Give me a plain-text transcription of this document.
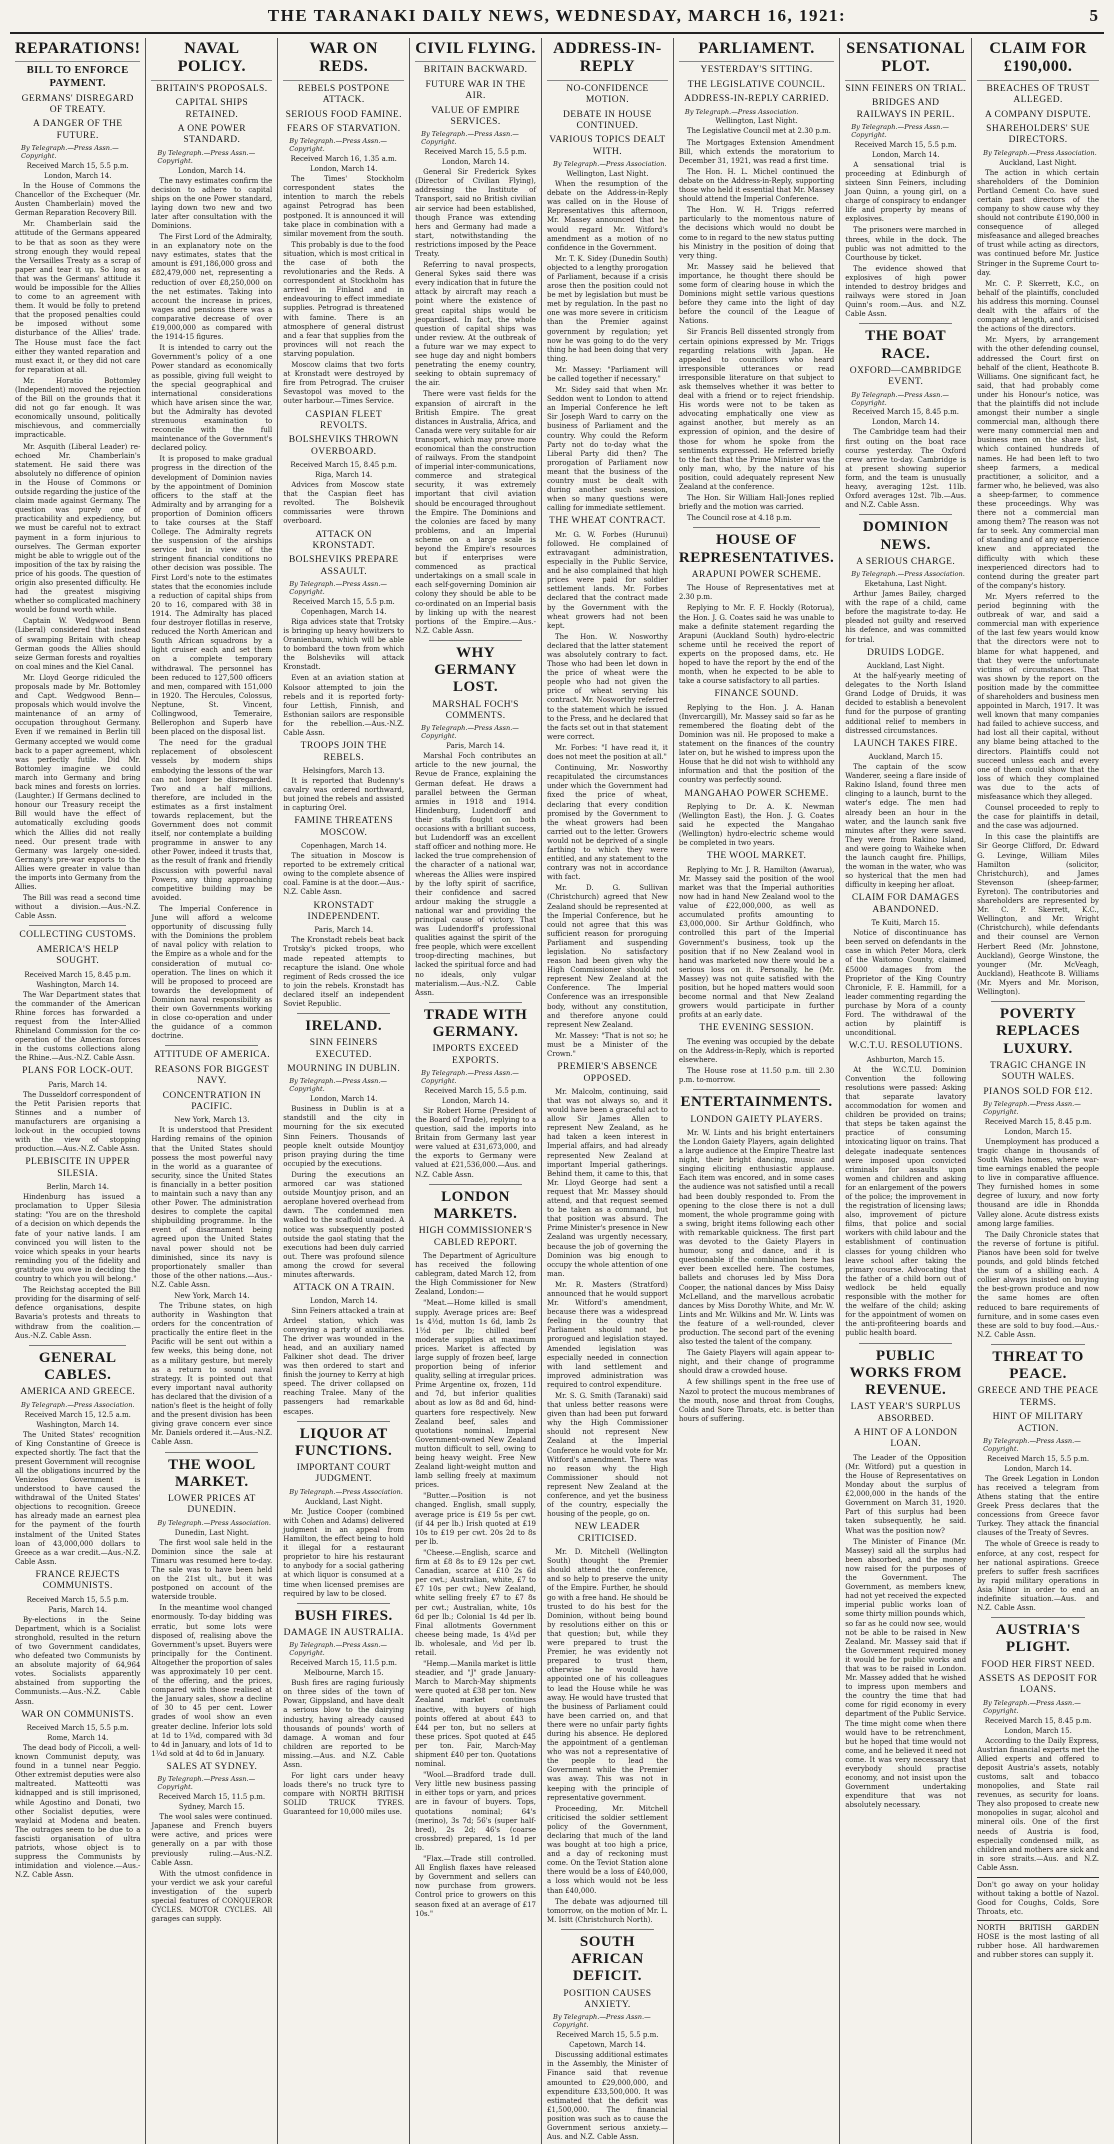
THE TARANAKI DAILY NEWS, WEDNESDAY, MARCH 16, 1921:	5
REPARATIONS!
BILL TO ENFORCE PAYMENT.
GERMANS' DISREGARD OF TREATY.
A DANGER OF THE FUTURE.
By Telegraph.—Press Assn.—Copyright.
Received March 15, 5.5 p.m.
London, March 14.

In the House of Commons the Chancellor of the Exchequer (Mr. Austen Chamberlain) moved the German Reparation Recovery Bill.

Mr. Chamberlain said the attitude of the Germans appeared to be that as soon as they were strong enough they would repeal the Versailles Treaty as a scrap of paper and tear it up. So long as that was the Germans' attitude it would be impossible for the Allies to come to an agreement with them. It would be folly to pretend that the proposed penalties could be imposed without some disturbance of the Allies' trade. The House must face the fact either they wanted reparation and must exact it, or they did not care for reparation at all.

Mr. Horatio Bottomley (Independent) moved the rejection of the Bill on the grounds that it did not go far enough. It was economically unsound, politically mischievous, and commercially impracticable.

Mr. Asquith (Liberal Leader) re-echoed Mr. Chamberlain's statement. He said there was absolutely no difference of opinion in the House of Commons or outside regarding the justice of the claim made against Germany. The question was purely one of practicability and expediency, but we must be careful not to extract payment in a form injurious to ourselves. The German exporter might be able to wriggle out of the imposition of the tax by raising the price of his goods. The question of origin also presented difficulty. He had the greatest misgiving whether so complicated machinery would be found worth while.

Captain W. Wedgwood Benn (Liberal) considered that instead of swamping Britain with cheap German goods the Allies should seize German forests and royalties on coal mines and the Kiel Canal.

Mr. Lloyd George ridiculed the proposals made by Mr. Bottomley and Capt. Wedgwood Benn—proposals which would involve the maintenance of an army of occupation throughout Germany. Even if we remained in Berlin till Germany accepted we would come back to a paper agreement, which was perfectly futile. Did Mr. Bottomley imagine we could march into Germany and bring back mines and forests on lorries. (Laughter.) If Germans declined to honour our Treasury receipt the Bill would have the effect of automatically excluding goods which the Allies did not really need. Our present trade with Germany was largely one-sided. Germany's pre-war exports to the Allies were greater in value than the imports into Germany from the Allies.

The Bill was read a second time without a division.—Aus.-N.Z. Cable Assn.

COLLECTING CUSTOMS.
AMERICA'S HELP SOUGHT.
Received March 15, 8.45 p.m.
Washington, March 14.

The War Department states that the commander of the American Rhine forces has forwarded a request from the Inter-Allied Rhineland Commission for the co-operation of the American forces in the customs collections along the Rhine.—Aus.-N.Z. Cable Assn.

PLANS FOR LOCK-OUT.
Paris, March 14.

The Dusseldorf correspondent of the Petit Parisien reports that Stinnes and a number of manufacturers are organising a lock-out in the occupied towns with the view of stopping production.—Aus.-N.Z. Cable Assn.

PLEBISCITE IN UPPER SILESIA.
Berlin, March 14.

Hindenburg has issued a proclamation to Upper Silesia stating: "You are on the threshold of a decision on which depends the fate of your native lands. I am convinced you will listen to the voice which speaks in your hearts reminding you of the fidelity and gratitude you owe in deciding the country to which you will belong."

The Reichstag accepted the Bill providing for the disarming of self-defence organisations, despite Bavaria's protests and threats to withdraw from the coalition.—Aus.-N.Z. Cable Assn.

GENERAL CABLES.
AMERICA AND GREECE.
By Telegraph.—Press Association.
Received March 15, 12.5 a.m.
Washington, March 14.

The United States' recognition of King Constantine of Greece is expected shortly. The fact that the present Government will recognise all the obligations incurred by the Venizelos Government is understood to have caused the withdrawal of the United States' objections to recognition. Greece has already made an earnest plea for the payment of the fourth instalment of the United States loan of 43,000,000 dollars to Greece as a war credit.—Aus.-N.Z. Cable Assn.

FRANCE REJECTS COMMUNISTS.
Received March 15, 5.5 p.m.
Paris, March 14.

By-elections in the Seine Department, which is a Socialist stronghold, resulted in the return of two Government candidates, who defeated two Communists by an absolute majority of 64,964 votes. Socialists apparently abstained from supporting the Communists.—Aus.-N.Z. Cable Assn.

WAR ON COMMUNISTS.
Received March 15, 5.5 p.m.
Rome, March 14.

The dead body of Piccoli, a well-known Communist deputy, was found in a tunnel near Peggio. Other extremist deputies were also maltreated. Matteotti was kidnapped and is still imprisoned, while Agostino and Donati, two other Socialist deputies, were waylaid at Modena and beaten. The outrages seem to be due to a fascisti organisation of ultra patriots, whose object is to suppress the Communists by intimidation and violence.—Aus.-N.Z. Cable Assn.

NAVAL POLICY.
BRITAIN'S PROPOSALS.
CAPITAL SHIPS RETAINED.
A ONE POWER STANDARD.
By Telegraph.—Press Assn.—Copyright.
London, March 14.

The navy estimates confirm the decision to adhere to capital ships on the one Power standard, laying down two new and two later after consultation with the Dominions.

The First Lord of the Admiralty, in an explanatory note on the navy estimates, states that the amount is £91,186,000 gross and £82,479,000 net, representing a reduction of over £8,250,000 on the net estimates. Taking into account the increase in prices, wages and pensions there was a comparative decrease of over £19,000,000 as compared with the 1914-15 figures.

It is intended to carry out the Government's policy of a one Power standard as economically as possible, giving full weight to the special geographical and international considerations which have arisen since the war, but the Admiralty has devoted strenuous examination to reconcile with the full maintenance of the Government's declared policy.

It is proposed to make gradual progress in the direction of the development of Dominion navies by the appointment of Dominion officers to the staff at the Admiralty and by arranging for a proportion of Dominion officers to take courses at the Staff College. The Admiralty regrets the suspension of the airships service but in view of the stringent financial conditions no other decision was possible. The First Lord's note to the estimates states that the economies include a reduction of capital ships from 20 to 16, compared with 38 in 1914. The Admiralty has placed four destroyer flotillas in reserve, reduced the North American and South African squadrons by a light cruiser each and set them on a complete temporary withdrawal. The personnel has been reduced to 127,500 officers and men, compared with 151,000 in 1920. The Hercules, Colossus, Neptune, St. Vincent, Collingwood, Temeraire, Bellerophon and Superb have been placed on the disposal list.

The need for the gradual replacement of obsolescent vessels by modern ships embodying the lessons of the war can not longer be disregarded. Two and a half millions, therefore, are included in the estimates as a first instalment towards replacement, but the Government does not commit itself, nor contemplate a building programme in answer to any other Power, indeed it trusts that, as the result of frank and friendly discussion with powerful naval Powers, any thing approaching competitive building may be avoided.

The Imperial Conference in June will afford a welcome opportunity of discussing fully with the Dominions the problem of naval policy with relation to the Empire as a whole and for the consideration of mutual co-operation. The lines on which it will be proposed to proceed are towards the development of Dominion naval responsibility as their own Governments working in close co-operation and under the guidance of a common doctrine.

ATTITUDE OF AMERICA.
REASONS FOR BIGGEST NAVY.
CONCENTRATION IN PACIFIC.
New York, March 13.

It is understood that President Harding remains of the opinion that the United States should possess the most powerful navy in the world as a guarantee of security, since the United States is financially in a better position to maintain such a navy than any other Power. The administration desires to complete the capital shipbuilding programme. In the event of disarmament being agreed upon the United States naval power should not be diminished, since its navy is proportionately smaller than those of the other nations.—Aus.-N.Z. Cable Assn.

New York, March 14.

The Tribune states, on high authority in Washington that orders for the concentration of practically the entire fleet in the Pacific will be sent out within a few weeks, this being done, not as a military gesture, but merely as a return to sound naval strategy. It is pointed out that every important naval authority has declared that the division of a nation's fleet is the height of folly and the present division has been giving grave concern ever since Mr. Daniels ordered it.—Aus.-N.Z. Cable Assn.

THE WOOL MARKET.
LOWER PRICES AT DUNEDIN.
By Telegraph.—Press Association.
Dunedin, Last Night.

The first wool sale held in the Dominion since the sale at Timaru was resumed here to-day. The sale was to have been held on the 21st ult., but it was postponed on account of the waterside trouble.

In the meantime wool changed enormously. To-day bidding was erratic, but some lots were disposed of, realising above the Government's upset. Buyers were principally for the Continent. Altogether the proportion of sales was approximately 10 per cent. of the offering, and the prices, compared with those realised at the January sales, show a decline of 30 to 45 per cent. Lower grades of wool show an even greater decline. Inferior lots sold at 1d to 1¾d, compared with 3d to 4d in January, and lots of 1d to 1¼d sold at 4d to 6d in January.

SALES AT SYDNEY.
By Telegraph.—Press Assn.—Copyright.
Received March 15, 11.5 p.m.
Sydney, March 15.

The wool sales were continued. Japanese and French buyers were active, and prices were generally on a par with those previously ruling.—Aus.-N.Z. Cable Assn.

With the utmost confidence in your verdict we ask your careful investigation of the superb special features of CONQUEROR CYCLES. MOTOR CYCLES. All garages can supply.

WAR ON REDS.
REBELS POSTPONE ATTACK.
SERIOUS FOOD FAMINE.
FEARS OF STARVATION.
By Telegraph.—Press Assn.—Copyright.
Received March 16, 1.35 a.m.
London, March 14.

The Times' Stockholm correspondent states the intention to march the rebels against Petrograd has been postponed. It is announced it will take place in combination with a similar movement from the south.

This probably is due to the food situation, which is most critical in the case of both the revolutionaries and the Reds. A correspondent at Stockholm has arrived in Finland and in endeavouring to effect immediate supplies. Petrograd is threatened with famine. There is an atmosphere of general distrust and a fear that supplies from the provinces will not reach the starving population.

Moscow claims that two forts at Kronstadt were destroyed by fire from Petrograd. The cruiser Sevastopol was moved to the outer harbour.—Times Service.

CASPIAN FLEET REVOLTS.
BOLSHEVIKS THROWN OVERBOARD.
Received March 15, 8.45 p.m.
Riga, March 14.

Advices from Moscow state that the Caspian fleet has revolted. The Bolshevik commissaries were thrown overboard.

ATTACK ON KRONSTADT.
BOLSHEVIKS PREPARE ASSAULT.
By Telegraph.—Press Assn.—Copyright.
Received March 15, 5.5 p.m.
Copenhagen, March 14.

Riga advices state that Trotsky is bringing up heavy howitzers to Oranienbaum, which will be able to bombard the town from which the Bolsheviks will attack Kronstadt.

Even at an aviation station at Kolsoor attempted to join the rebels and it is reported forty-four Lettish, Finnish, and Esthonian sailors are responsible for the rebellion.—Aus.-N.Z. Cable Assn.

TROOPS JOIN THE REBELS.
Helsingfors, March 13.

It is reported that Budenny's cavalry was ordered northward, but joined the rebels and assisted in capturing Orel.

FAMINE THREATENS MOSCOW.
Copenhagen, March 14.

The situation in Moscow is reported to be extremely critical owing to the complete absence of coal. Famine is at the door.—Aus.-N.Z. Cable Assn.

KRONSTADT INDEPENDENT.
Paris, March 14.

The Kronstadt rebels beat back Trotsky's picked troops, who made repeated attempts to recapture the island. One whole regiment of Reds crossed the ice to join the rebels. Kronstadt has declared itself an independent Soviet Republic.

IRELAND.
SINN FEINERS EXECUTED.
MOURNING IN DUBLIN.
By Telegraph.—Press Assn.—Copyright.
London, March 14.

Business in Dublin is at a standstill and the city in mourning for the six executed Sinn Feiners. Thousands of people knelt outside Mountjoy prison praying during the time occupied by the executions.

During the executions an armored car was stationed outside Mountjoy prison, and an aeroplane hovered overhead from dawn. The condemned men walked to the scaffold unaided. A notice was subsequently posted outside the gaol stating that the executions had been duly carried out. There was profound silence among the crowd for several minutes afterwards.

ATTACK ON A TRAIN.
London, March 14.

Sinn Feiners attacked a train at Ardeel station, which was conveying a party of auxiliaries. The driver was wounded in the head, and an auxiliary named Falkiner shot dead. The driver was then ordered to start and finish the journey to Kerry at high speed. The driver collapsed on reaching Tralee. Many of the passengers had remarkable escapes.

LIQUOR AT FUNCTIONS.
IMPORTANT COURT JUDGMENT.
By Telegraph.—Press Association.
Auckland, Last Night.

Mr. Justice Cooper (combined with Cohen and Adams) delivered judgment in an appeal from Hamilton, the effect being to hold it illegal for a restaurant proprietor to hire his restaurant to anybody for a social gathering at which liquor is consumed at a time when licensed premises are required by law to be closed.

BUSH FIRES.
DAMAGE IN AUSTRALIA.
By Telegraph.—Press Assn.—Copyright.
Received March 15, 11.5 p.m.
Melbourne, March 15.

Bush fires are raging furiously on three sides of the town of Powar, Gippsland, and have dealt a serious blow to the dairying industry, having already caused thousands of pounds' worth of damage. A woman and four children are reported to be missing.—Aus. and N.Z. Cable Assn.

For light cars under heavy loads there's no truck tyre to compare with NORTH BRITISH SOLID TRUCK TYRES. Guaranteed for 10,000 miles use.

CIVIL FLYING.
BRITAIN BACKWARD.
FUTURE WAR IN THE AIR.
VALUE OF EMPIRE SERVICES.
By Telegraph.—Press Assn.—Copyright.
Received March 15, 5.5 p.m.
London, March 14.

General Sir Frederick Sykes (Director of Civilian Flying), addressing the Institute of Transport, said no British civilian air service had been established, though France was extending hers and Germany had made a start, notwithstanding the restrictions imposed by the Peace Treaty.

Referring to naval prospects, General Sykes said there was every indication that in future the attack by aircraft may reach a point where the existence of great capital ships would be jeopardised. In fact, the whole question of capital ships was under review. At the outbreak of a future war we may expect to see huge day and night bombers penetrating the enemy country, seeking to obtain supremacy of the air.

There were vast fields for the expansion of aircraft in the British Empire. The great distances in Australia, Africa, and Canada were very suitable for air transport, which may prove more economical than the construction of railways. From the standpoint of imperial inter-communications, commerce and strategical security, it was extremely important that civil aviation should be encouraged throughout the Empire. The Dominions and the colonies are faced by many problems, and an Imperial scheme on a large scale is beyond the Empire's resources but if enterprises were commenced as practical undertakings on a small scale in each self-governing Dominion air colony they should be able to be co-ordinated on an Imperial basis by linking up with the nearest portions of the Empire.—Aus.-N.Z. Cable Assn.

WHY GERMANY LOST.
MARSHAL FOCH'S COMMENTS.
By Telegraph.—Press Assn.—Copyright.
Paris, March 14.

Marshal Foch contributes an article to the new journal, the Revue de France, explaining the German defeat. He draws a parallel between the German armies in 1918 and 1914. Hindenburg, Ludendorff and their staffs fought on both occasions with a brilliant success, but Ludendorff was an excellent staff officer and nothing more. He lacked the true comprehension of the character of a national war, whereas the Allies were inspired by the lofty spirit of sacrifice, their confidence and sacred ardour making the struggle a national war and providing the principal cause of victory. That was Ludendorff's professional qualities against the spirit of the free people, which were excellent troop-directing machines, but lacked the spiritual force and had no ideals, only vulgar materialism.—Aus.-N.Z. Cable Assn.

TRADE WITH GERMANY.
IMPORTS EXCEED EXPORTS.
By Telegraph.—Press Assn.—Copyright.
Received March 15, 5.5 p.m.
London, March 14.

Sir Robert Horne (President of the Board of Trade), replying to a question, said the imports into Britain from Germany last year were valued at £31,673,000, and the exports to Germany were valued at £21,536,000.—Aus. and N.Z. Cable Assn.

LONDON MARKETS.
HIGH COMMISSIONER'S CABLED REPORT.

The Department of Agriculture has received the following cablegram, dated March 12, from the High Commissioner for New Zealand, London:—

"Meat.—Home killed is small supply. Average prices are: Beef 1s 4½d, mutton 1s 6d, lamb 2s 1½d per lb; chilled beef moderate supplies at maximum prices. Market is affected by large supply of frozen beef, large proportion being of inferior quality, selling at irregular prices. Prime Argentine ox, frozen, 11d and 7d, but inferior qualities about as low as 8d and 6d, hind-quarters fore respectively. New Zealand beef, sales and quotations nominal. Imperial Government-owned New Zealand mutton difficult to sell, owing to being heavy weight. Free New Zealand light-weight mutton and lamb selling freely at maximum prices.

"Butter.—Position is not changed. English, small supply, average price is £19 5s per cwt. (if 44 per lb.) Irish quoted at £19 10s to £19 per cwt. 20s 2d to 8s per lb.

"Cheese.—English, scarce and firm at £8 8s to £9 12s per cwt. Canadian, scarce at £10 2s 6d per cwt.; Australian, white, £7 to £7 10s per cwt.; New Zealand, white selling freely £7 to £7 8s per cwt.; Australian, white, 10s 6d per lb.; Colonial 1s 4d per lb. Final allotments Government cheese being made, 1s 4¼d per lb. wholesale, and ½d per lb. retail.

"Hemp.—Manila market is little steadier, and "J" grade January-March to March-May shipments were quoted at £38 per ton. New Zealand market continues inactive, with buyers of high points offered at about £43 to £44 per ton, but no sellers at these prices. Spot quoted at £45 per ton. Fair, March-May shipment £40 per ton. Quotations nominal.

"Wool.—Bradford trade dull. Very little new business passing in either tops or yarn, and prices are in favour of buyers. Tops, quotations nominal; 64's (merino), 3s 7d; 56's (super half-bred), 2s 2d; 46's (coarse crossbred) prepared, 1s 1d per lb.

"Flax.—Trade still controlled. All English flaxes have released by Government and sellers can now purchase from growers. Control price to growers on this season fixed at an average of £17 10s."

ADDRESS-IN-REPLY
NO-CONFIDENCE MOTION.
DEBATE IN HOUSE CONTINUED.
VARIOUS TOPICS DEALT WITH.
By Telegraph.—Press Association.
Wellington, Last Night.

When the resumption of the debate on the Address-in-Reply was called on in the House of Representatives this afternoon, Mr. Massey announced that he would regard Mr. Witford's amendment as a motion of no confidence in the Government.

Mr. T. K. Sidey (Dunedin South) objected to a lengthy prorogation of Parliament, because if a crisis arose then the position could not be met by legislation but must be met by regulation. In the past no one was more severe in criticism than the Premier against government by regulation; yet now he was going to do the very thing he had been doing that very thing.

Mr. Massey: "Parliament will be called together if necessary."

Mr. Sidey said that when Mr. Seddon went to London to attend an Imperial Conference he left Sir Joseph Ward to carry on the business of Parliament and the country. Why could the Reform Party not do to-day what the Liberal Party did then? The prorogation of Parliament now meant that the business of the country must be dealt with during another such session, when so many questions were calling for immediate settlement.

THE WHEAT CONTRACT.

Mr. G. W. Forbes (Hurunui) followed. He complained of extravagant administration, especially in the Public Service, and he also complained that high prices were paid for soldier settlement lands. Mr. Forbes declared that the contract made by the Government with the wheat growers had not been kept.

The Hon. W. Nosworthy declared that the latter statement was absolutely contrary to fact. Those who had been let down in the price of wheat were the people who had not given the price of wheat serving his contract. Mr. Nosworthy referred to the statement which he issued to the Press, and he declared that the facts set out in that statement were correct.

Mr. Forbes: "I have read it, it does not meet the position at all."

Continuing, Mr. Nosworthy recapitulated the circumstances under which the Government had fixed the price of wheat, declaring that every condition promised by the Government to the wheat growers had been carried out to the letter. Growers would not be deprived of a single farthing to which they were entitled, and any statement to the contrary was not in accordance with fact.

Mr. D. G. Sullivan (Christchurch) agreed that New Zealand should be represented at the Imperial Conference, but he could not agree that this was sufficient reason for proroguing Parliament and suspending legislation. No satisfactory reason had been given why the High Commissioner should not represent New Zealand at the Conference. The Imperial Conference was an irresponsible body, without any constitution, and therefore anyone could represent New Zealand.

Mr. Massey: "That is not so; he must be a Minister of the Crown."

PREMIER'S ABSENCE OPPOSED.

Mr. Malcolm, continuing, said that was not always so, and it would have been a graceful act to allow Sir James Allen to represent New Zealand, as he had taken a keen interest in Imperial affairs, and had already represented New Zealand at important Imperial gatherings. Behind them, it came to this, that Mr. Lloyd George had sent a request that Mr. Massey should attend, and that request seemed to be taken as a command, but that position was absurd. The Prime Minister's presence in New Zealand was urgently necessary, because the job of governing the Dominion was big enough to occupy the whole attention of one man.

Mr. R. Masters (Stratford) announced that he would support Mr. Witford's amendment, because there was a widespread feeling in the country that Parliament should not be prorogued and legislation stayed. Amended legislation was especially needed in connection with land settlement and improved administration was required to control expenditure.

Mr. S. G. Smith (Taranaki) said that unless better reasons were given than had been put forward why the High Commissioner should not represent New Zealand at the Imperial Conference he would vote for Mr. Witford's amendment. There was no reason why the High Commissioner should not represent New Zealand at the conference, and yet the business of the country, especially the housing of the people, go on.

NEW LEADER CRITICISED.

Mr. D. Mitchell (Wellington South) thought the Premier should attend the conference, and so help to preserve the unity of the Empire. Further, he should go with a free hand. He should be trusted to do his best for the Dominion, without being bound by resolutions either on this or that question; but, while they were prepared to trust the Premier, he was evidently not prepared to trust them, otherwise he would have appointed one of his colleagues to lead the House while he was away. He would have trusted that the business of Parliament could have been carried on, and that there were no unfair party fights during his absence. He deplored the appointment of a gentleman who was not a representative of the people to lead the Government while the Premier was away. This was not in keeping with the principle of representative government.

Proceeding, Mr. Mitchell criticised the soldier settlement policy of the Government, declaring that much of the land was bought at too high a price, and a day of reckoning must come. On the Teviot Station alone there would be a loss of £40,000, a loss which would not be less than £40,000.

The debate was adjourned till tomorrow, on the motion of Mr. L. M. Isitt (Christchurch North).

SOUTH AFRICAN DEFICIT.
POSITION CAUSES ANXIETY.
By Telegraph.—Press Assn.—Copyright.
Received March 15, 5.5 p.m.
Capetown, March 14.

Discussing additional estimates in the Assembly, the Minister of Finance said that revenue amounted to £29,000,000, and expenditure £33,500,000. It was estimated that the deficit was £1,500,000. The financial position was such as to cause the Government serious anxiety.—Aus. and N.Z. Cable Assn.

PARLIAMENT.
YESTERDAY'S SITTING.
THE LEGISLATIVE COUNCIL.
ADDRESS-IN-REPLY CARRIED.
By Telegraph.—Press Association.
Wellington, Last Night.

The Legislative Council met at 2.30 p.m.

The Mortgages Extension Amendment Bill, which extends the moratorium to December 31, 1921, was read a first time.

The Hon. H. L. Michel continued the debate on the Address-in-Reply, supporting those who held it essential that Mr. Massey should attend the Imperial Conference.

The Hon. W. H. Triggs referred particularly to the momentous nature of the decisions which would no doubt be come to in regard to the new status putting his Ministry in the position of doing that very thing.

Mr. Massey said he believed that importance, he thought there should be some form of clearing house in which the Dominions might settle various questions before they came into the light of day before the council of the League of Nations.

Sir Francis Bell dissented strongly from certain opinions expressed by Mr. Triggs regarding relations with Japan. He appealed to councillors who heard irresponsible utterances or read irresponsible literature on that subject to ask themselves whether it was better to deal with a friend or to reject friendship. His words were not to be taken as advocating emphatically one view as against another, but merely as an expression of opinion, and the desire of those for whom he spoke from the sentiments expressed. He referred briefly to the fact that the Prime Minister was the only man, who, by the nature of his position, could adequately represent New Zealand at the conference.

The Hon. Sir William Hall-Jones replied briefly and the motion was carried.

The Council rose at 4.18 p.m.

HOUSE OF REPRESENTATIVES.
ARAPUNI POWER SCHEME.

The House of Representatives met at 2.30 p.m.

Replying to Mr. F. F. Hockly (Rotorua), the Hon. J. G. Coates said he was unable to make a definite statement regarding the Arapuni (Auckland South) hydro-electric scheme until he received the report of experts on the proposed dams, etc. He hoped to have the report by the end of the month, when he expected to be able to take a course satisfactory to all parties.

FINANCE SOUND.

Replying to the Hon. J. A. Hanan (Invercargill), Mr. Massey said so far as he remembered the floating debt of the Dominion was nil. He proposed to make a statement on the finances of the country later on, but he wished to impress upon the House that he did not wish to withhold any information and that the position of the country was perfectly sound.

MANGAHAO POWER SCHEME.

Replying to Dr. A. K. Newman (Wellington East), the Hon. J. G. Coates said he expected the Mangahao (Wellington) hydro-electric scheme would be completed in two years.

THE WOOL MARKET.

Replying to Mr. J. R. Hamilton (Awarua), Mr. Massey said the position of the wool market was that the Imperial authorities now had in hand New Zealand wool to the value of £22,000,000, as well as accumulated profits amounting to £3,000,000. Sir Arthur Goldfinch, who controlled this part of the Imperial Government's business, took up the position that if no New Zealand wool in hand was marketed now there would be a serious loss on it. Personally, he (Mr. Massey) was not quite satisfied with the position, but he hoped matters would soon become normal and that New Zealand growers would participate in further profits at an early date.

THE EVENING SESSION.

The evening was occupied by the debate on the Address-in-Reply, which is reported elsewhere.

The House rose at 11.50 p.m. till 2.30 p.m. to-morrow.

ENTERTAINMENTS.
LONDON GAIETY PLAYERS.

Mr. W. Lints and his bright entertainers the London Gaiety Players, again delighted a large audience at the Empire Theatre last night, their bright dancing, music and singing eliciting enthusiastic applause. Each item was encored, and in some cases the audience was not satisfied until a recall had been doubly responded to. From the opening to the close there is not a dull moment, the whole programme going with a swing, bright items following each other with remarkable quickness. The first part was devoted to the Gaiety Players in humour, song and dance, and it is questionable if the combination here has ever been excelled here. The costumes, ballets and choruses led by Miss Dora Cooper, the national dances by Miss Daisy McLelland, and the marvellous acrobatic dances by Miss Dorothy White, and Mr. W. Lints and Mr. Wilkins and Mr. W. Lints was the feature of a well-rounded, clever production. The second part of the evening also tested the talent of the company.

The Gaiety Players will again appear to-night, and their change of programme should draw a crowded house.

A few shillings spent in the free use of Nazol to protect the mucous membranes of the mouth, nose and throat from Coughs, Colds and Sore Throats, etc. is better than hours of suffering.

SENSATIONAL PLOT.
SINN FEINERS ON TRIAL.
BRIDGES AND RAILWAYS IN PERIL.
By Telegraph.—Press Assn.—Copyright.
Received March 15, 5.5 p.m.
London, March 14.

A sensational trial is proceeding at Edinburgh of sixteen Sinn Feiners, including Joan Quinn, a young girl, on a charge of conspiracy to endanger life and property by means of explosives.

The prisoners were marched in threes, while in the dock. The public was not admitted to the Courthouse by ticket.

The evidence showed that explosives of high power intended to destroy bridges and railways were stored in Joan Quinn's room.—Aus. and N.Z. Cable Assn.

THE BOAT RACE.
OXFORD—CAMBRIDGE EVENT.
By Telegraph.—Press Assn.—Copyright.
Received March 15, 8.45 p.m.
London, March 14.

The Cambridge team had their first outing on the boat race course yesterday. The Oxford crew arrive to-day. Cambridge is at present showing superior form, and the team is unusually heavy, averaging 12st. 11lb. Oxford averages 12st. 7lb.—Aus. and N.Z. Cable Assn.

DOMINION NEWS.
A SERIOUS CHARGE.
By Telegraph.—Press Association.
Eketahuna, Last Night.

Arthur James Bailey, charged with the rape of a child, came before the magistrate to-day. He pleaded not guilty and reserved his defence, and was committed for trial.

DRUIDS LODGE.
Auckland, Last Night.

At the half-yearly meeting of delegates to the North Island Grand Lodge of Druids, it was decided to establish a benevolent fund for the purpose of granting additional relief to members in distressed circumstances.

LAUNCH TAKES FIRE.
Auckland, March 15.

The captain of the scow Wanderer, seeing a flare inside of Rakino Island, found three men clinging to a launch, burnt to the water's edge. The men had already been an hour in the water, and the launch sank five minutes after they were saved. They were from Rakino Island, and were going to Waiheke when the launch caught fire. Phillips, the woman in the water, who was so hysterical that the men had difficulty in keeping her afloat.

CLAIM FOR DAMAGES ABANDONED.
Te Kuiti, March 15.

Notice of discontinuance has been served on defendants in the case in which Peter Mora, clerk of the Waitomo County, claimed £5000 damages from the Proprietor of the King Country Chronicle, F. E. Hammill, for a leader commenting regarding the purchase by Mora of a county Ford. The withdrawal of the action by plaintiff is unconditional.

W.C.T.U. RESOLUTIONS.
Ashburton, March 15.

At the W.C.T.U. Dominion Convention the following resolutions were passed: Asking that separate lavatory accommodation for women and children be provided on trains; that steps be taken against the practice of consuming intoxicating liquor on trains. That delegate inadequate sentences were imposed upon convicted criminals for assaults upon women and children and asking for an enlargement of the powers of the police; the improvement in the registration of licensing laws; also, improvement of picture films, that police and social workers with child labour and the establishment of continuation classes for young children who leave school after taking the primary course. Advocating that the father of a child born out of wedlock be held equally responsible with the mother for the welfare of the child; asking for the appointment of women on the anti-profiteering boards and public health board.

PUBLIC WORKS FROM REVENUE.
LAST YEAR'S SURPLUS ABSORBED.
A HINT OF A LONDON LOAN.

The Leader of the Opposition (Mr. Witford) put a question in the House of Representatives on Monday about the surplus of £2,000,000 in the hands of the Government on March 31, 1920. Part of this surplus had been taken subsequently, he said. What was the position now?

The Minister of Finance (Mr. Massey) said all the surplus had been absorbed, and the money now raised for the purposes of the Government. The Government, as members knew, had not yet received the expected imperial public works loan of some thirty million pounds which, so far as he could now see, would not be able to be raised in New Zealand. Mr. Massey said that if the Government required money it would be for public works and that was to be raised in London. Mr. Massey added that he wished to impress upon members and the country the time that had come for rigid economy in every department of the Public Service. The time might come when there would have to be retrenchment, but he hoped that time would not come, and he believed it need not come. It was very necessary that everybody should practise economy, and not insist upon the Government undertaking expenditure that was not absolutely necessary.

CLAIM FOR £190,000.
BREACHES OF TRUST ALLEGED.
A COMPANY DISPUTE.
SHAREHOLDERS' SUE DIRECTORS.
By Telegraph.—Press Association.
Auckland, Last Night.

The action in which certain shareholders of the Dominion Portland Cement Co. have sued certain past directors of the company to show cause why they should not contribute £190,000 in consequence of alleged misfeasance and alleged breaches of trust while acting as directors, was continued before Mr. Justice Stringer in the Supreme Court to-day.

Mr. C. P. Skerrett, K.C., on behalf of the plaintiffs, concluded his address this morning. Counsel dealt with the affairs of the company at length, and criticised the actions of the directors.

Mr. Myers, by arrangement with the other defending counsel, addressed the Court first on behalf of the client, Heathcote B. Williams. One significant fact, he said, that had probably come under his Honour's notice, was that the plaintiffs did not include amongst their number a single commercial man, although there were many commercial men and business men on the share list, which contained hundreds of names. He had been left to two sheep farmers, a medical practitioner, a solicitor, and a farmer who, he believed, was also a sheep-farmer, to commence these proceedings. Why was there not a commercial man among them? The reason was not far to seek. Any commercial man of standing and of any experience knew and appreciated the difficulty with which these inexperienced directors had to contend during the greater part of the company's history.

Mr. Myers referred to the period beginning with the outbreak of war, and said a commercial man with experience of the last few years would know that the directors were not to blame for what happened, and that they were the unfortunate victims of circumstances. That was shown by the report on the position made by the committee of shareholders and business men appointed in March, 1917. It was well known that many companies had failed to achieve success, and had lost all their capital, without any blame being attached to the directors. Plaintiffs could not succeed unless each and every one of them could show that the loss of which they complained was due to the acts of misfeasance which they alleged.

Counsel proceeded to reply to the case for plaintiffs in detail, and the case was adjourned.

In this case the plaintiffs are Sir George Clifford, Dr. Edward G. Levinge, William Miles Hamilton (solicitor, Christchurch), and James Stevenson (sheep-farmer, Eyreton). The contributories and shareholders are represented by Mr. C. P. Skerrett, K.C., Wellington, and Mr. Wright (Christchurch), while defendants and their counsel are Vernon Herbert Reed (Mr. Johnstone, Auckland), George Winstone, the younger (Mr. McVeagh, Auckland), Heathcote B. Williams (Mr. Myers and Mr. Morison, Wellington).

POVERTY REPLACES LUXURY.
TRAGIC CHANGE IN SOUTH WALES.
PIANOS SOLD FOR £12.
By Telegraph.—Press Assn.—Copyright.
Received March 15, 8.45 p.m.
London, March 15.

Unemployment has produced a tragic change in thousands of South Wales homes, where war-time earnings enabled the people to live in comparative affluence. They furnished homes in some degree of luxury, and now forty thousand are idle in Rhondda Valley alone. Acute distress exists among large families.

The Daily Chronicle states that the reverse of fortune is pitiful. Pianos have been sold for twelve pounds, and gold blinds fetched the sum of a shilling each. A collier always insisted on buying the best-grown produce and now the same homes are often reduced to bare requirements of furniture, and in some cases even these are sold to buy food.—Aus.-N.Z. Cable Assn.

THREAT TO PEACE.
GREECE AND THE PEACE TERMS.
HINT OF MILITARY ACTION.
By Telegraph.—Press Assn.—Copyright.
Received March 15, 5.5 p.m.
London, March 14.

The Greek Legation in London has received a telegram from Athens stating that the entire Greek Press declares that the concessions from Greece favor Turkey. They attack the financial clauses of the Treaty of Sevres.

The whole of Greece is ready to enforce, at any cost, respect for her national aspirations. Greece prefers to suffer fresh sacrifices by rapid military operations in Asia Minor in order to end an indefinite situation.—Aus. and N.Z. Cable Assn.

AUSTRIA'S PLIGHT.
FOOD HER FIRST NEED.
ASSETS AS DEPOSIT FOR LOANS.
By Telegraph.—Press Assn.—Copyright.
Received March 15, 8.45 p.m.
London, March 15.

According to the Daily Express, Austrian financial experts met the Allied experts and offered to deposit Austria's assets, notably customs, salt and tobacco monopolies, and State rail revenues, as security for loans. They also proposed to create new monopolies in sugar, alcohol and mineral oils. One of the first needs of Austria is food, especially condensed milk, as children and mothers are sick and in sore straits.—Aus. and N.Z. Cable Assn.

Don't go away on your holiday without taking a bottle of Nazol. Good for Coughs, Colds, Sore Throats, etc.
NORTH BRITISH GARDEN HOSE is the most lasting of all rubber hose. All hardwaremen and rubber stores can supply it.
